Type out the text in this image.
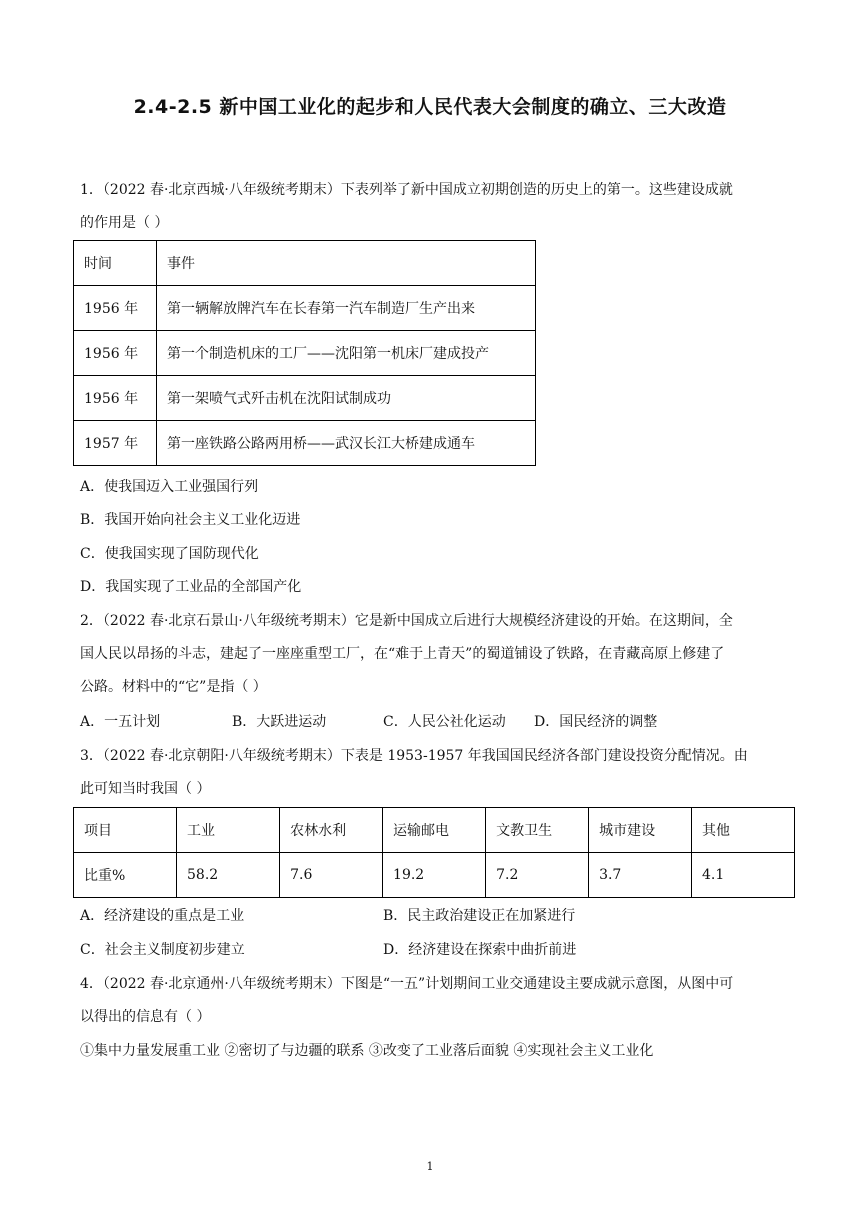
2.4-2.5 新中国工业化的起步和人民代表大会制度的确立、三大改造
1．（2022 春·北京西城·八年级统考期末）下表列举了新中国成立初期创造的历史上的第一。这些建设成就
的作用是（ ）
时间	事件
1956 年	第一辆解放牌汽车在长春第一汽车制造厂生产出来
1956 年	第一个制造机床的工厂——沈阳第一机床厂建成投产
1956 年	第一架喷气式歼击机在沈阳试制成功
1957 年	第一座铁路公路两用桥——武汉长江大桥建成通车
A．使我国迈入工业强国行列
B．我国开始向社会主义工业化迈进
C．使我国实现了国防现代化
D．我国实现了工业品的全部国产化
2．（2022 春·北京石景山·八年级统考期末）它是新中国成立后进行大规模经济建设的开始。在这期间，全
国人民以昂扬的斗志，建起了一座座重型工厂，在“难于上青天”的蜀道铺设了铁路，在青藏高原上修建了
公路。材料中的“它”是指（ ）
A．一五计划	B．大跃进运动	C．人民公社化运动 D．国民经济的调整
3．（2022 春·北京朝阳·八年级统考期末）下表是 1953-1957 年我国国民经济各部门建设投资分配情况。由
此可知当时我国（ ）
项目	工业	农林水利	运输邮电	文教卫生	城市建设	其他
比重%	58.2	7.6	19.2	7.2	3.7	4.1
A．经济建设的重点是工业	B．民主政治建设正在加紧进行
C．社会主义制度初步建立	D．经济建设在探索中曲折前进
4．（2022 春·北京通州·八年级统考期末）下图是“一五”计划期间工业交通建设主要成就示意图，从图中可
以得出的信息有（ ）
①集中力量发展重工业 ②密切了与边疆的联系 ③改变了工业落后面貌 ④实现社会主义工业化
1
